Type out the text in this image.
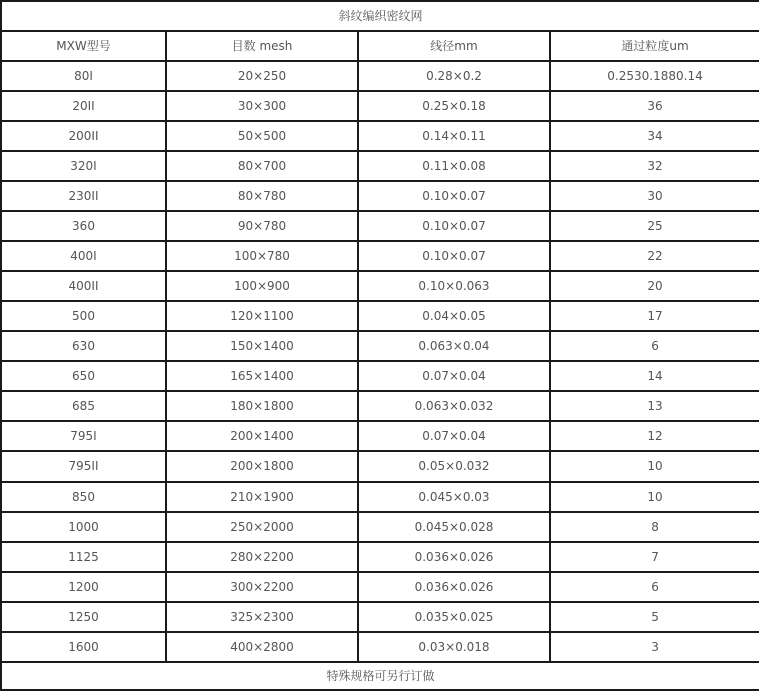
斜纹编织密纹网			
MXW型号	目数 mesh	线径mm	通过粒度um
80I	20×250	0.28×0.2	0.2530.1880.14
20II	30×300	0.25×0.18	36
200II	50×500	0.14×0.11	34
320I	80×700	0.11×0.08	32
230II	80×780	0.10×0.07	30
360	90×780	0.10×0.07	25
400I	100×780	0.10×0.07	22
400II	100×900	0.10×0.063	20
500	120×1100	0.04×0.05	17
630	150×1400	0.063×0.04	6
650	165×1400	0.07×0.04	14
685	180×1800	0.063×0.032	13
795I	200×1400	0.07×0.04	12
795II	200×1800	0.05×0.032	10
850	210×1900	0.045×0.03	10
1000	250×2000	0.045×0.028	8
1125	280×2200	0.036×0.026	7
1200	300×2200	0.036×0.026	6
1250	325×2300	0.035×0.025	5
1600	400×2800	0.03×0.018	3
特殊规格可另行订做			
